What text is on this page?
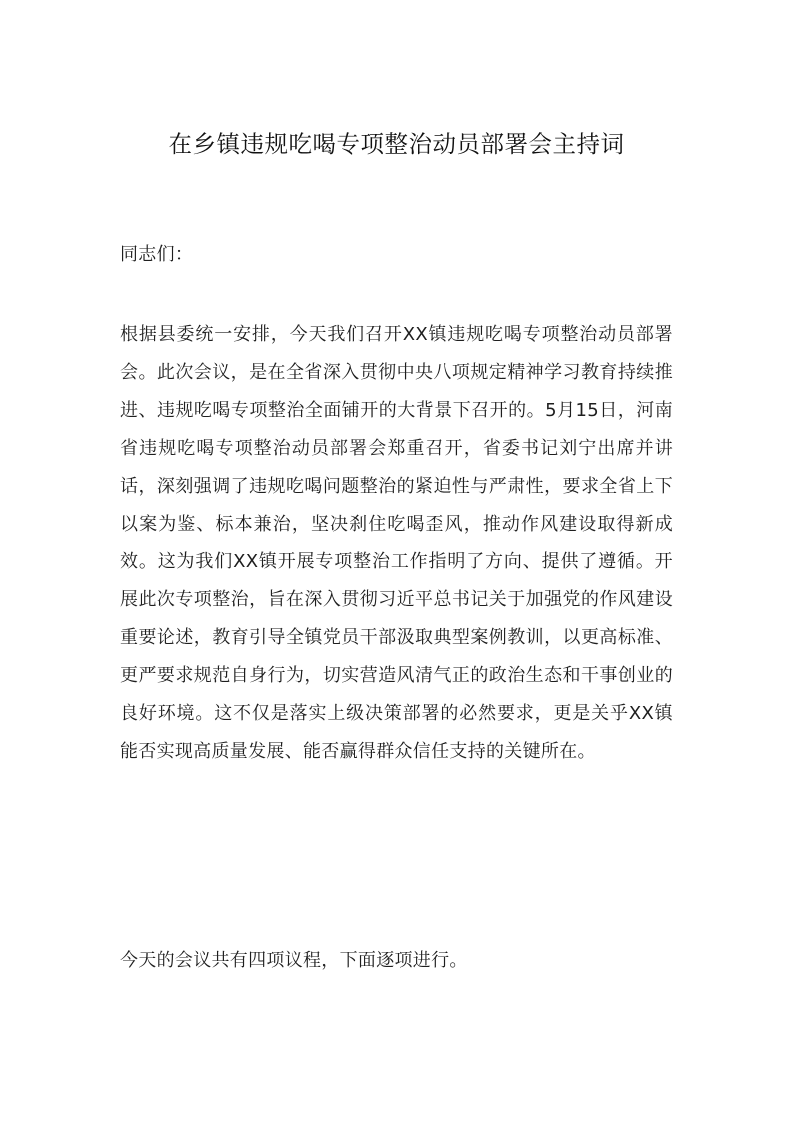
在乡镇违规吃喝专项整治动员部署会主持词

同志们：

根据县委统一安排，今天我们召开XX镇违规吃喝专项整治动员部署会。此次会议，是在全省深入贯彻中央八项规定精神学习教育持续推进、违规吃喝专项整治全面铺开的大背景下召开的。5月15日，河南省违规吃喝专项整治动员部署会郑重召开，省委书记刘宁出席并讲话，深刻强调了违规吃喝问题整治的紧迫性与严肃性，要求全省上下以案为鉴、标本兼治，坚决刹住吃喝歪风，推动作风建设取得新成效。这为我们XX镇开展专项整治工作指明了方向、提供了遵循。开展此次专项整治，旨在深入贯彻习近平总书记关于加强党的作风建设重要论述，教育引导全镇党员干部汲取典型案例教训，以更高标准、更严要求规范自身行为，切实营造风清气正的政治生态和干事创业的良好环境。这不仅是落实上级决策部署的必然要求，更是关乎XX镇能否实现高质量发展、能否赢得群众信任支持的关键所在。

今天的会议共有四项议程，下面逐项进行。
